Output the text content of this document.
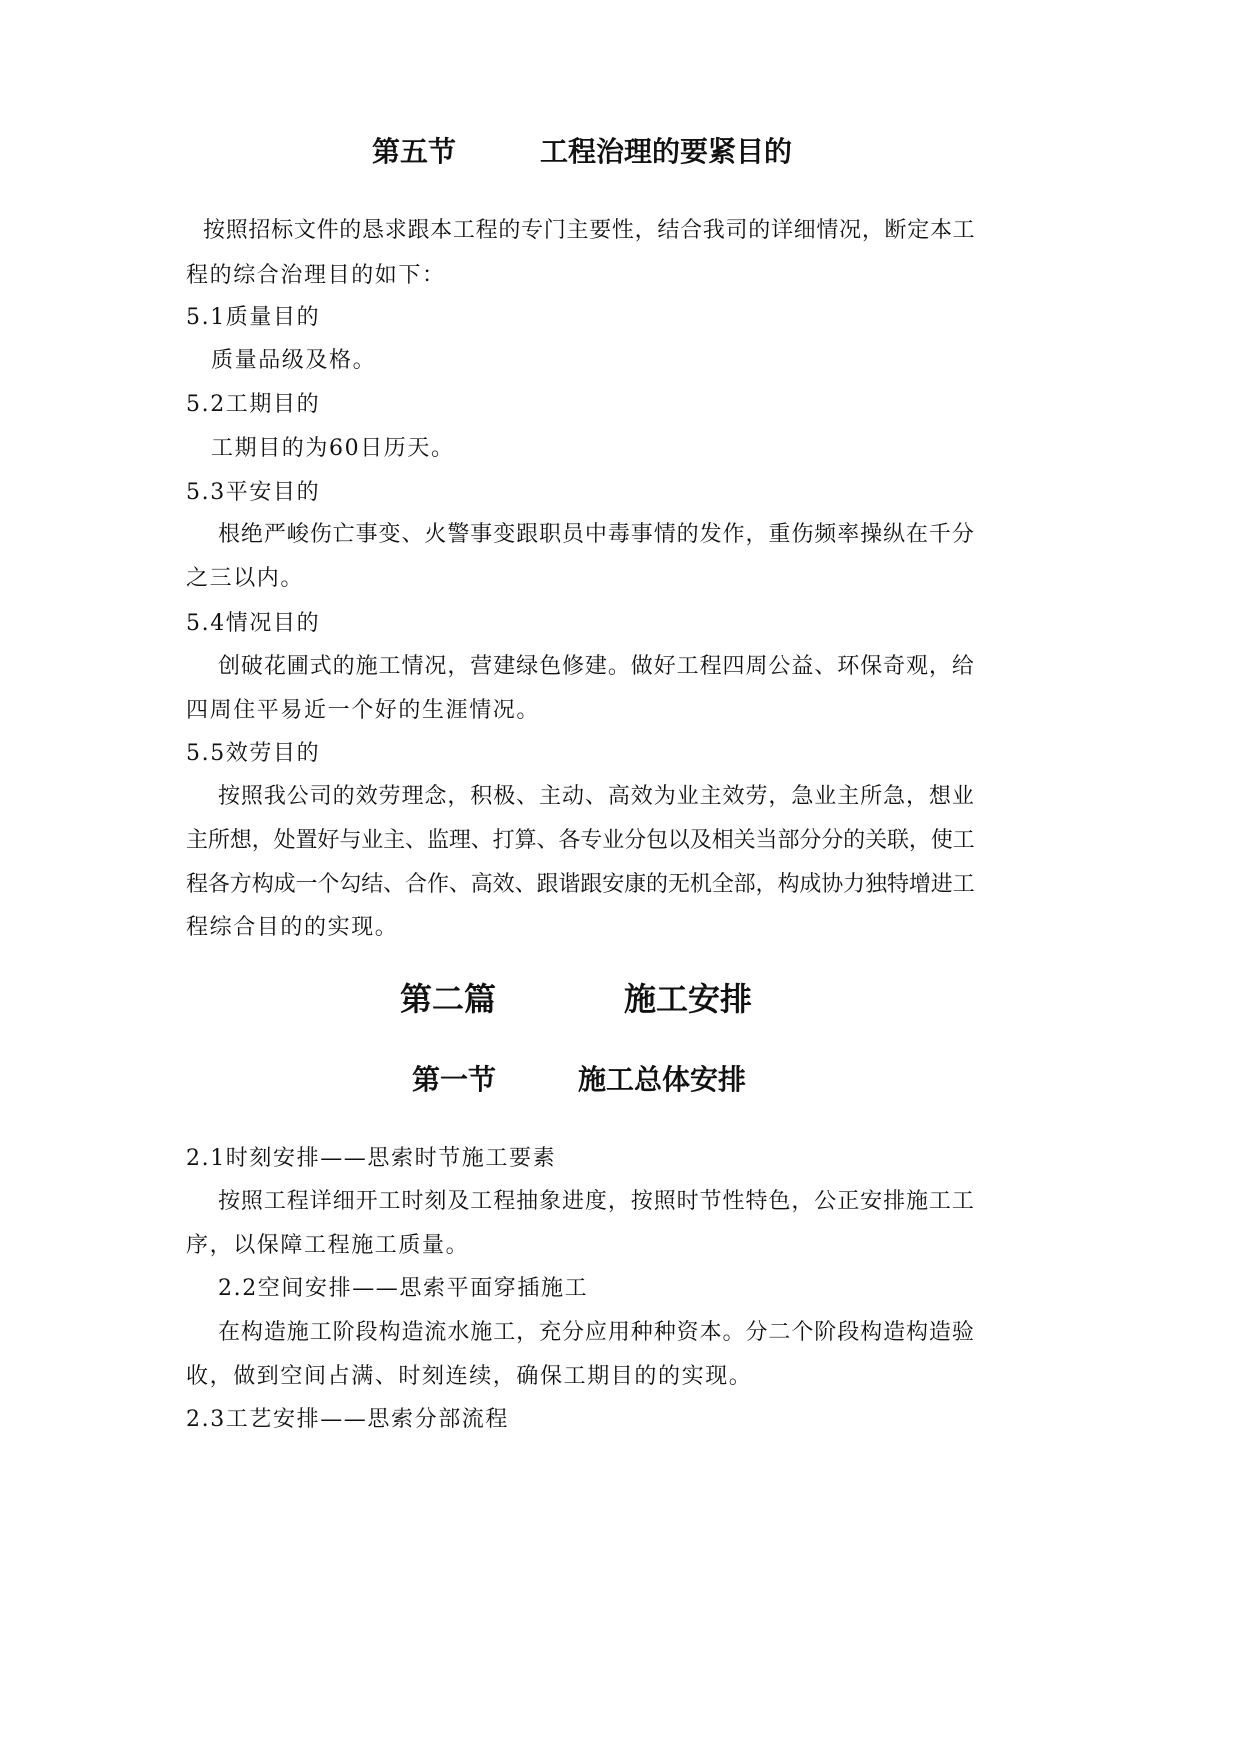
第五节	工程治理的要紧目的
按照招标文件的恳求跟本工程的专门主要性，结合我司的详细情况，断定本工
程的综合治理目的如下：
5.1质量目的
质量品级及格。
5.2工期目的
工期目的为60日历天。
5.3平安目的
根绝严峻伤亡事变、火警事变跟职员中毒事情的发作，重伤频率操纵在千分
之三以内。
5.4情况目的
创破花圃式的施工情况，营建绿色修建。做好工程四周公益、环保奇观，给
四周住平易近一个好的生涯情况。
5.5效劳目的
按照我公司的效劳理念，积极、主动、高效为业主效劳，急业主所急，想业
主所想，处置好与业主、监理、打算、各专业分包以及相关当部分分的关联，使工
程各方构成一个勾结、合作、高效、跟谐跟安康的无机全部，构成协力独特增进工
程综合目的的实现。
第二篇	施工安排
第一节	施工总体安排
2.1时刻安排——思索时节施工要素
按照工程详细开工时刻及工程抽象进度，按照时节性特色，公正安排施工工
序，以保障工程施工质量。
2.2空间安排——思索平面穿插施工
在构造施工阶段构造流水施工，充分应用种种资本。分二个阶段构造构造验
收，做到空间占满、时刻连续，确保工期目的的实现。
2.3工艺安排——思索分部流程
